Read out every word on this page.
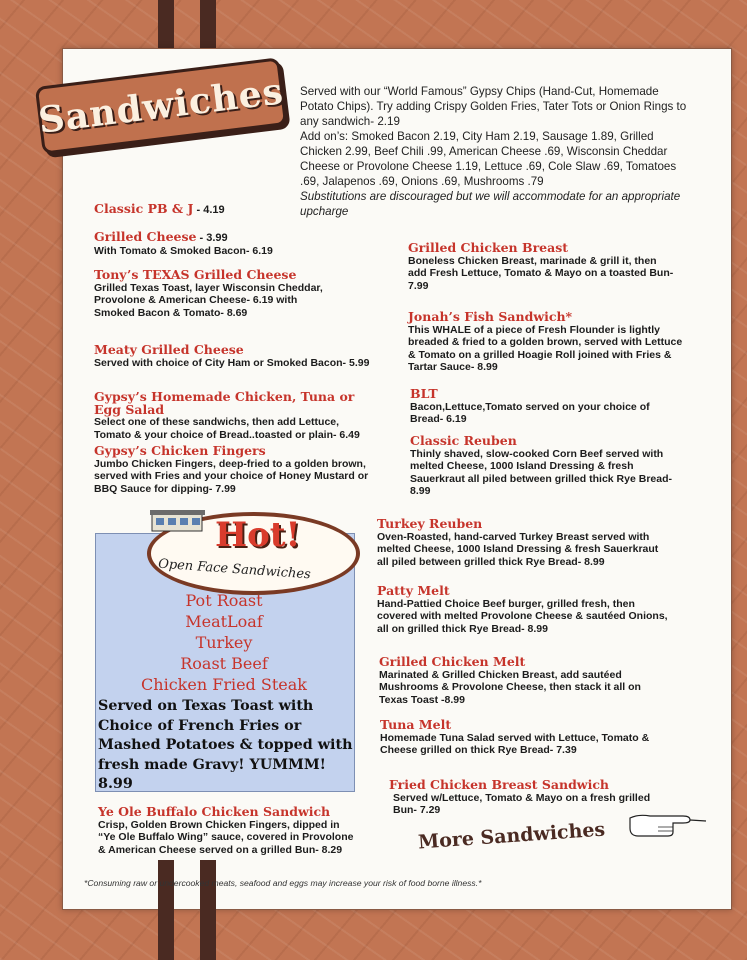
Sandwiches Served with our “World Famous” Gypsy Chips (Hand-Cut, Homemade Potato Chips). Try adding Crispy Golden Fries, Tater Tots or Onion Rings to any sandwich- 2.19
Add on’s: Smoked Bacon 2.19, City Ham 2.19, Sausage 1.89, Grilled Chicken 2.99, Beef Chili .99, American Cheese .69, Wisconsin Cheddar Cheese or Provolone Cheese 1.19, Lettuce .69, Cole Slaw .69, Tomatoes .69, Jalapenos .69, Onions .69, Mushrooms .79
Substitutions are discouraged but we will accommodate for an appropriate upcharge
Classic PB & J - 4.19
Grilled Cheese - 3.99
With Tomato & Smoked Bacon- 6.19
Tony’s TEXAS Grilled Cheese
Grilled Texas Toast, layer Wisconsin Cheddar, Provolone & American Cheese- 6.19 with Smoked Bacon & Tomato- 8.69
Meaty Grilled Cheese
Served with choice of City Ham or Smoked Bacon- 5.99
Gypsy’s Homemade Chicken, Tuna or Egg Salad
Select one of these sandwichs, then add Lettuce, Tomato & your choice of Bread..toasted or plain- 6.49
Gypsy’s Chicken Fingers
Jumbo Chicken Fingers, deep-fried to a golden brown, served with Fries and your choice of Honey Mustard or BBQ Sauce for dipping- 7.99
Hot!
Open Face Sandwiches
Pot Roast
MeatLoaf
Turkey
Roast Beef
Chicken Fried Steak
Served on Texas Toast with Choice of French Fries or Mashed Potatoes & topped with fresh made Gravy! YUMMM! 8.99
Ye Ole Buffalo Chicken Sandwich
Crisp, Golden Brown Chicken Fingers, dipped in “Ye Ole Buffalo Wing” sauce, covered in Provolone & American Cheese served on a grilled Bun- 8.29
Grilled Chicken Breast
Boneless Chicken Breast, marinade & grill it, then add Fresh Lettuce, Tomato & Mayo on a toasted Bun- 7.99
Jonah’s Fish Sandwich*
This WHALE of a piece of Fresh Flounder is lightly breaded & fried to a golden brown, served with Lettuce & Tomato on a grilled Hoagie Roll joined with Fries & Tartar Sauce- 8.99
BLT
Bacon,Lettuce,Tomato served on your choice of Bread- 6.19
Classic Reuben
Thinly shaved, slow-cooked Corn Beef served with melted Cheese, 1000 Island Dressing & fresh Sauerkraut all piled between grilled thick Rye Bread- 8.99
Turkey Reuben
Oven-Roasted, hand-carved Turkey Breast served with melted Cheese, 1000 Island Dressing & fresh Sauerkraut all piled between grilled thick Rye Bread- 8.99
Patty Melt
Hand-Pattied Choice Beef burger, grilled fresh, then covered with melted Provolone Cheese & sautéed Onions, all on grilled thick Rye Bread- 8.99
Grilled Chicken Melt
Marinated & Grilled Chicken Breast, add sautéed Mushrooms & Provolone Cheese, then stack it all on Texas Toast -8.99
Tuna Melt
Homemade Tuna Salad served with Lettuce, Tomato & Cheese grilled on thick Rye Bread- 7.39
Fried Chicken Breast Sandwich
Served w/Lettuce, Tomato & Mayo on a fresh grilled Bun- 7.29
More Sandwiches
*Consuming raw or undercooked meats, seafood and eggs may increase your risk of food borne illness.*
